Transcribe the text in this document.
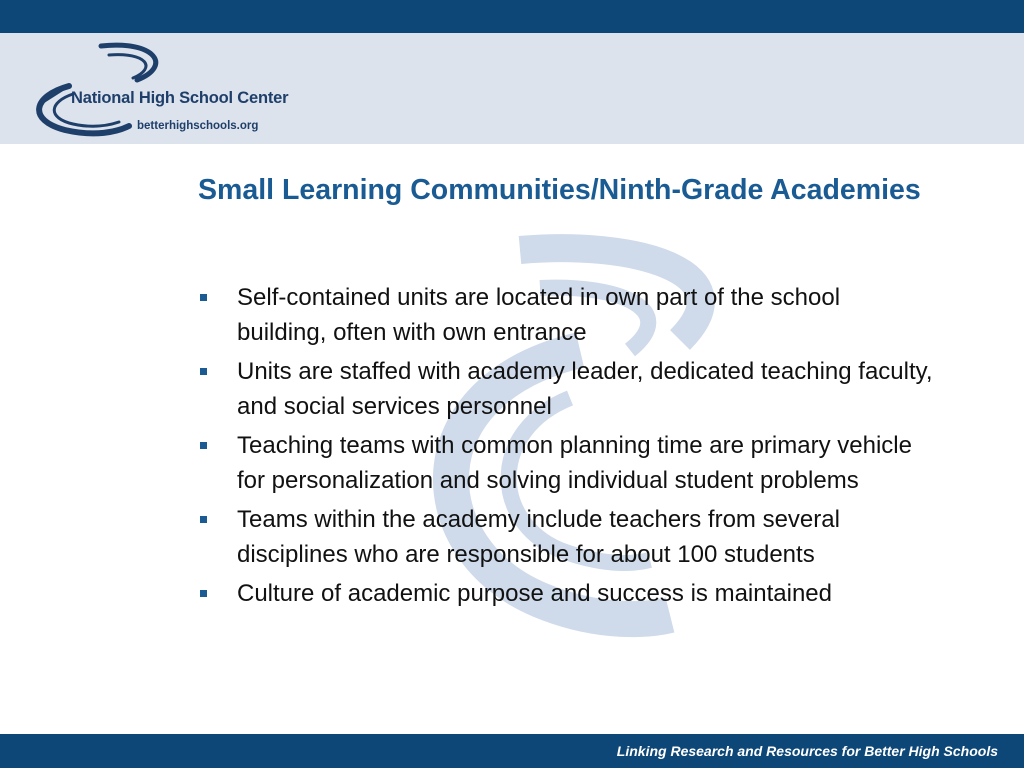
National High School Center
betterhighschools.org
Small Learning Communities/Ninth-Grade Academies
Self-contained units are located in own part of the school building, often with own entrance
Units are staffed with academy leader, dedicated teaching faculty, and social services personnel
Teaching teams with common planning time are primary vehicle for personalization and solving individual student problems
Teams within the academy include teachers from several disciplines who are responsible for about 100 students
Culture of academic purpose and success is maintained
Linking Research and Resources for Better High Schools
